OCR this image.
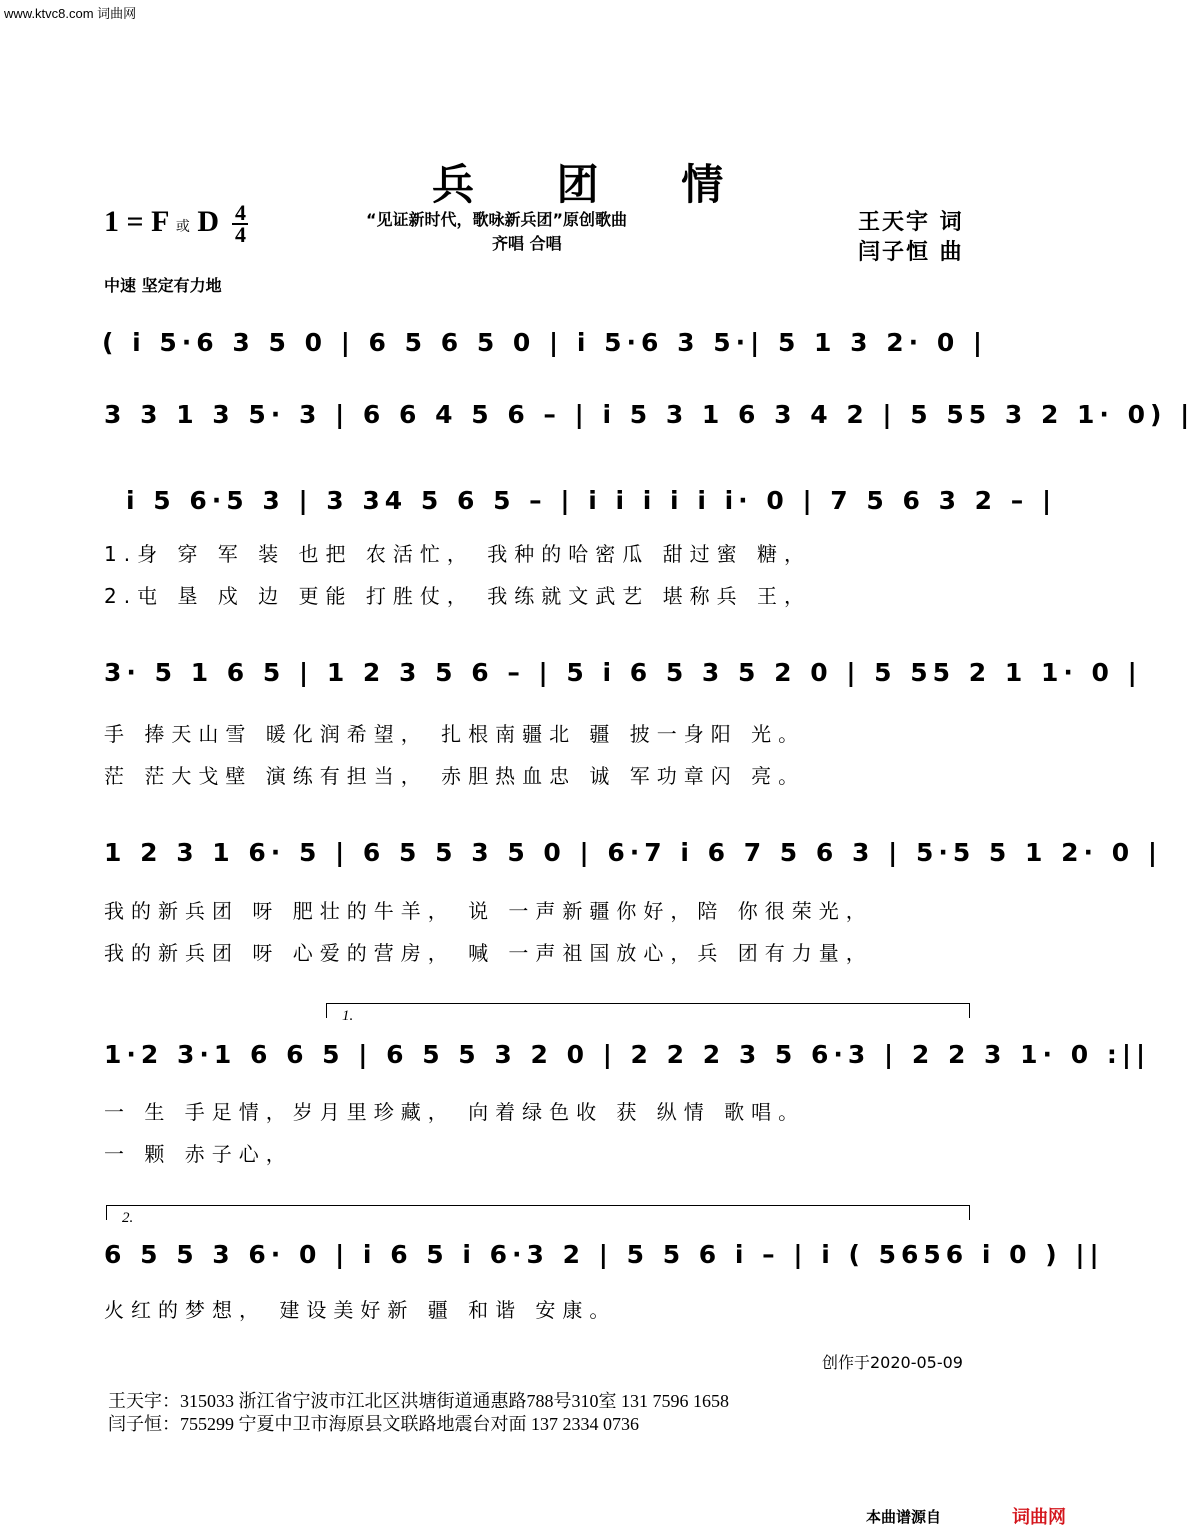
www.ktvc8.com 词曲网
兵 团 情
1 = F 或 D $\frac{4}{4}$	“见证新时代，歌咏新兵团”原创歌曲
齐唱 合唱
王天宇 词
闫子恒 曲
中速 坚定有力地
( i 5·6 3 5 0 | 6 5 6 5 0 | i 5·6 3 5·| 5 1 3 2· 0 |
3 3 1 3 5· 3 | 6 6 4 5 6 – | i 5 3 1 6 3 4 2 | 5 55 3 2 1· 0) |
i 5 6·5 3 | 3 34 5 6 5 – | i i i i i i· 0 | 7 5 6 3 2 – |
1.身 穿 军 装 也把 农活忙， 我种的哈密瓜 甜过蜜 糖，
2.屯 垦 戍 边 更能 打胜仗， 我练就文武艺 堪称兵 王，
3· 5 1 6 5 | 1 2 3 5 6 – | 5 i 6 5 3 5 2 0 | 5 55 2 1 1· 0 |
手 捧天山雪 暖化润希望， 扎根南疆北 疆 披一身阳 光。
茫 茫大戈壁 演练有担当， 赤胆热血忠 诚 军功章闪 亮。
1 2 3 1 6· 5 | 6 5 5 3 5 0 | 6·7 i 6 7 5 6 3 | 5·5 5 1 2· 0 |
我的新兵团 呀 肥壮的牛羊， 说 一声新疆你好，陪 你很荣光，
我的新兵团 呀 心爱的营房， 喊 一声祖国放心，兵 团有力量，
1.
1·2 3·1 6 6 5 | 6 5 5 3 2 0 | 2 2 2 3 5 6·3 | 2 2 3 1· 0 :||
一 生 手足情，岁月里珍藏， 向着绿色收 获 纵情 歌唱。
一 颗 赤子心，
2.
6 5 5 3 6· 0 | i 6 5 i 6·3 2 | 5 5 6 i – | i ( 5656 i 0 ) ||
火红的梦想， 建设美好新 疆 和谐 安康。
创作于2020-05-09
王天宇：315033 浙江省宁波市江北区洪塘街道通惠路788号310室 131 7596 1658
闫子恒：755299 宁夏中卫市海原县文联路地震台对面 137 2334 0736
本曲谱源自	词曲网
